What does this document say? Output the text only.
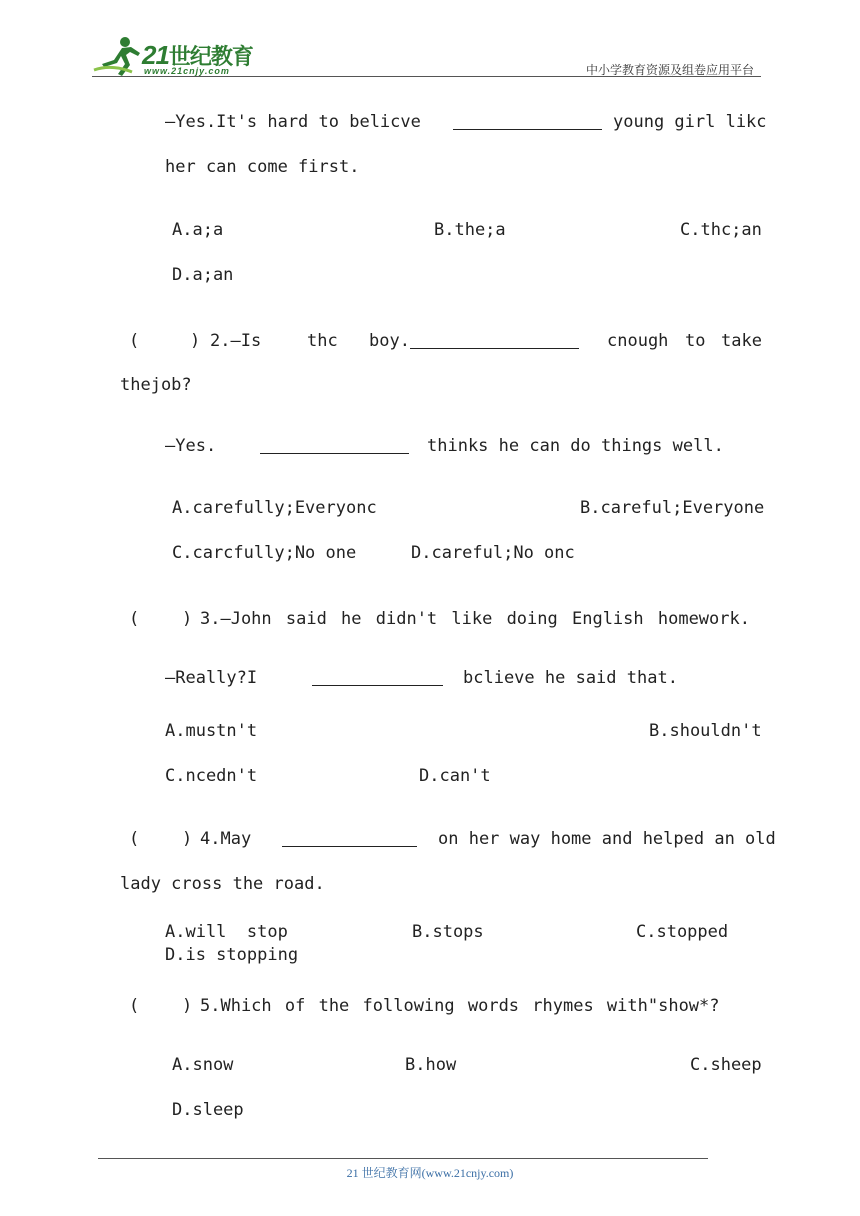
21世纪教育
www.21cnjy.com	中小学教育资源及组卷应用平台
—Yes.It's hard to belicve	young girl likc
her can come first.
A.a;a	B.the;a	C.thc;an
D.a;an
(	) 2.—Is	thc boy.	cnough to take
thejob?
—Yes.	thinks he can do things well.
A.carefully;Everyonc	B.careful;Everyone
C.carcfully;No one	D.careful;No onc
(	) 3.—John said he didn't like doing English homework.
—Really?I	bclieve he said that.
A.mustn't	B.shouldn't
C.ncedn't	D.can't
(	) 4.May	on her way home and helped an old
lady cross the road.
A.will  stop	B.stops	C.stopped
D.is stopping
(	) 5.Which of the following words rhymes with"show*?
A.snow	B.how	C.sheep
D.sleep
21 世纪教育网(www.21cnjy.com)
